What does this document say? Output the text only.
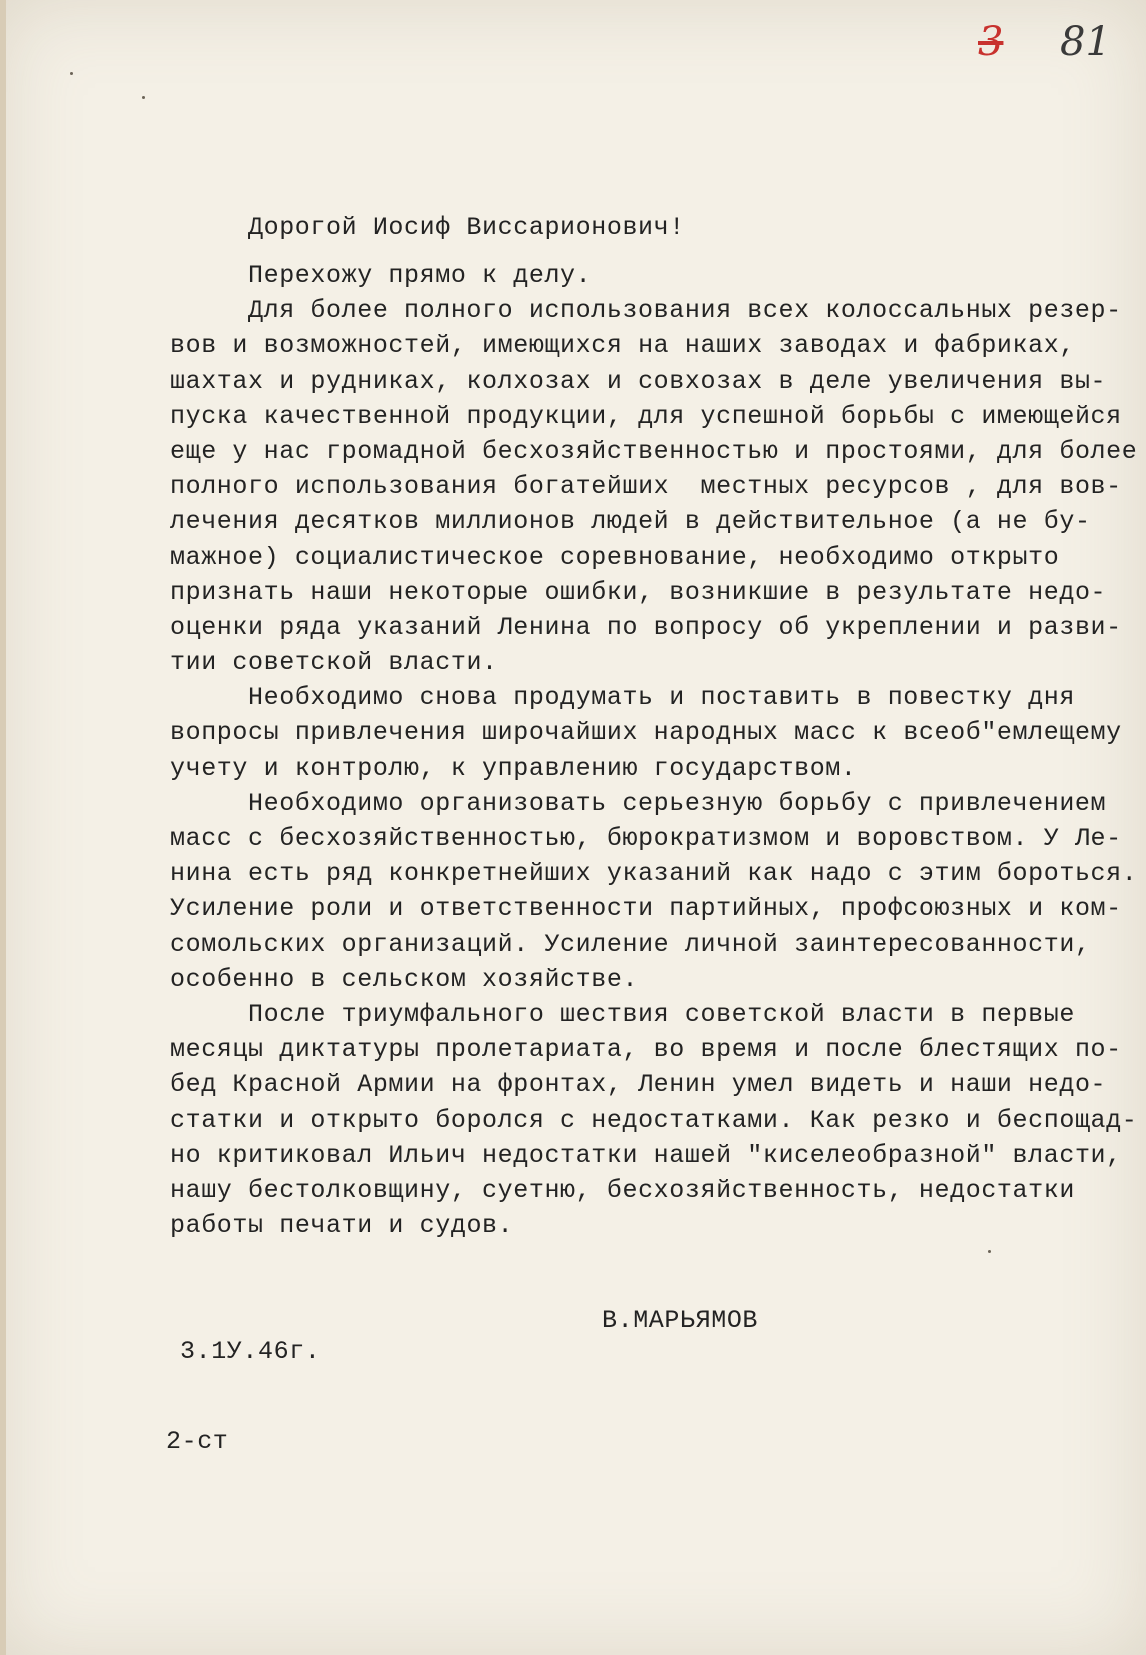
3 81
Дорогой Иосиф Виссарионович!
Перехожу прямо к делу.
Для более полного использования всех колоссальных резер-
вов и возможностей, имеющихся на наших заводах и фабриках,
шахтах и рудниках, колхозах и совхозах в деле увеличения вы-
пуска качественной продукции, для успешной борьбы с имеющейся
еще у нас громадной бесхозяйственностью и простоями, для более
полного использования богатейших  местных ресурсов , для вов-
лечения десятков миллионов людей в действительное (а не бу-
мажное) социалистическое соревнование, необходимо открыто
признать наши некоторые ошибки, возникшие в результате недо-
оценки ряда указаний Ленина по вопросу об укреплении и разви-
тии советской власти.
Необходимо снова продумать и поставить в повестку дня
вопросы привлечения широчайших народных масс к всеоб"емлещему
учету и контролю, к управлению государством.
Необходимо организовать серьезную борьбу с привлечением
масс с бесхозяйственностью, бюрократизмом и воровством. У Ле-
нина есть ряд конкретнейших указаний как надо с этим бороться.
Усиление роли и ответственности партийных, профсоюзных и ком-
сомольских организаций. Усиление личной заинтересованности,
особенно в сельском хозяйстве.
После триумфального шествия советской власти в первые
месяцы диктатуры пролетариата, во время и после блестящих по-
бед Красной Армии на фронтах, Ленин умел видеть и наши недо-
статки и открыто боролся с недостатками. Как резко и беспощад-
но критиковал Ильич недостатки нашей "киселеобразной" власти,
нашу бестолковщину, суетню, бесхозяйственность, недостатки
работы печати и судов.
В.МАРЬЯМОВ
3.1У.46г.
2-ст
